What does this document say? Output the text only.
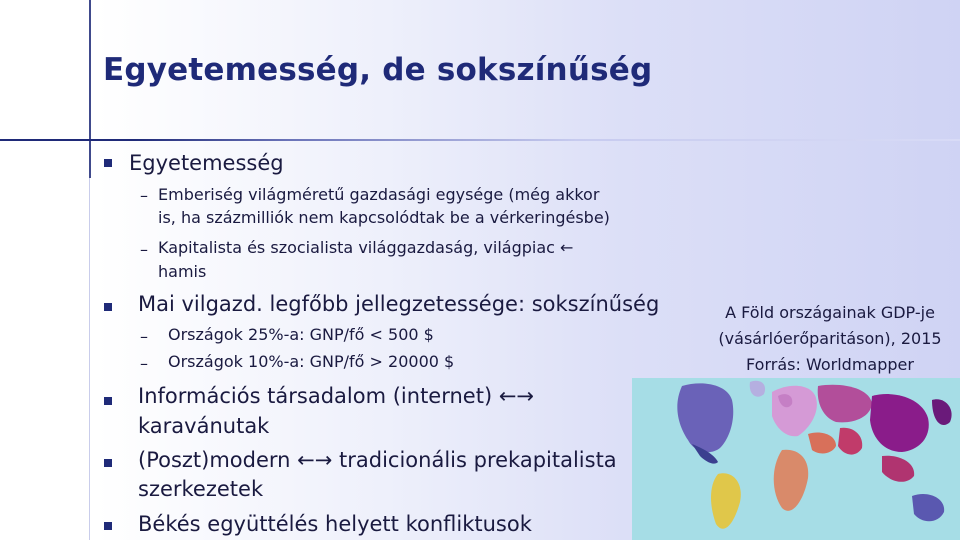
Egyetemesség, de sokszínűség
Egyetemesség
– Emberiség világméretű gazdasági egysége (még akkor
is, ha százmilliók nem kapcsolódtak be a vérkeringésbe)
– Kapitalista és szocialista világgazdaság, világpiac ←
hamis
Mai vilgazd. legfőbb jellegzetessége: sokszínűség
– Országok 25%-a: GNP/fő < 500 $
– Országok 10%-a: GNP/fő > 20000 $
Információs társadalom (internet) ←→
karavánutak
(Poszt)modern ←→ tradicionális prekapitalista
szerkezetek
Békés együttélés helyett konfliktusok
A Föld országainak GDP-je
(vásárlóerőparitáson), 2015
Forrás: Worldmapper
